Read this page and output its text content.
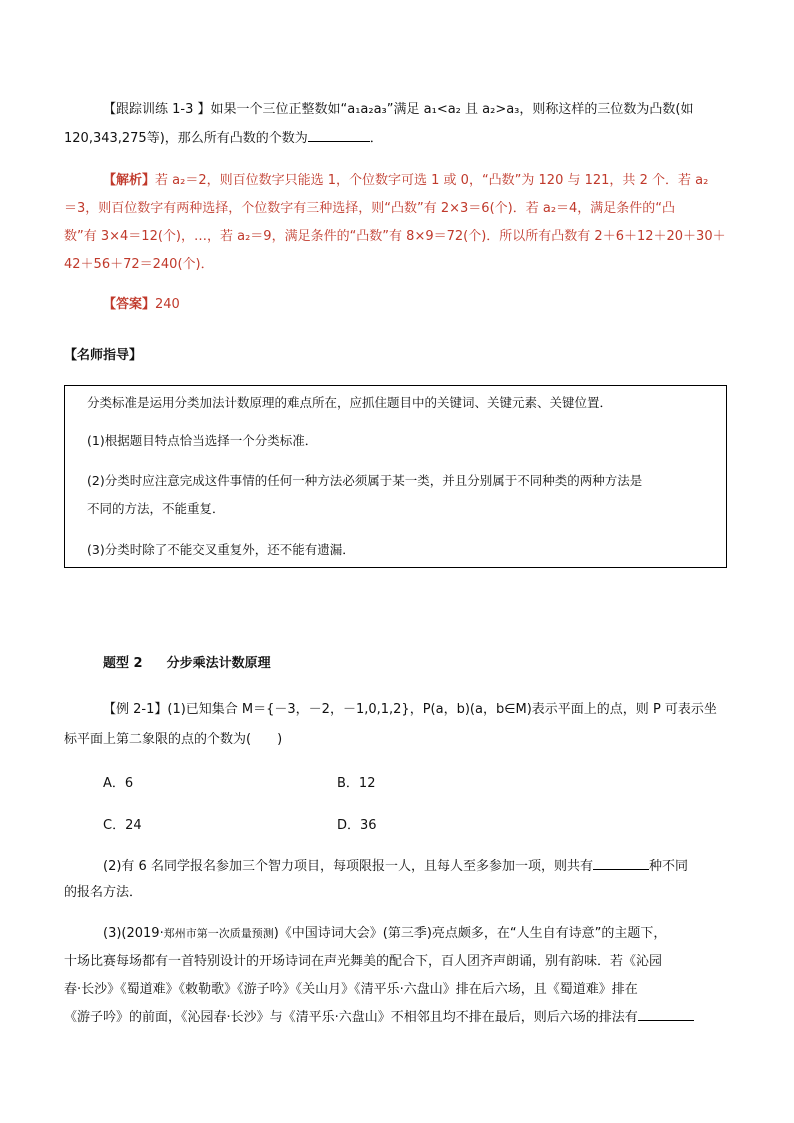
【跟踪训练 1-3 】如果一个三位正整数如“a₁a₂a₃”满足 a₁<a₂ 且 a₂>a₃，则称这样的三位数为凸数(如
120,343,275等)，那么所有凸数的个数为	．
【解析】若 a₂＝2，则百位数字只能选 1，个位数字可选 1 或 0，“凸数”为 120 与 121，共 2 个．若 a₂
＝3，则百位数字有两种选择，个位数字有三种选择，则“凸数”有 2×3＝6(个)．若 a₂＝4，满足条件的“凸
数”有 3×4＝12(个)，…，若 a₂＝9，满足条件的“凸数”有 8×9＝72(个)．所以所有凸数有 2＋6＋12＋20＋30＋
42＋56＋72＝240(个)．
【答案】240
【名师指导】

分类标准是运用分类加法计数原理的难点所在，应抓住题目中的关键词、关键元素、关键位置．

(1)根据题目特点恰当选择一个分类标准．

(2)分类时应注意完成这件事情的任何一种方法必须属于某一类，并且分别属于不同种类的两种方法是

不同的方法，不能重复．

(3)分类时除了不能交叉重复外，还不能有遗漏．

题型 2 分步乘法计数原理
【例 2-1】(1)已知集合 M＝{－3，－2，－1,0,1,2}，P(a，b)(a，b∈M)表示平面上的点，则 P 可表示坐
标平面上第二象限的点的个数为(　　)
A．6	B．12
C．24	D．36
(2)有 6 名同学报名参加三个智力项目，每项限报一人，且每人至多参加一项，则共有	种不同
的报名方法．
(3)(2019·郑州市第一次质量预测)《中国诗词大会》(第三季)亮点颇多，在“人生自有诗意”的主题下，
十场比赛每场都有一首特别设计的开场诗词在声光舞美的配合下，百人团齐声朗诵，别有韵味．若《沁园
春·长沙》《蜀道难》《敕勒歌》《游子吟》《关山月》《清平乐·六盘山》排在后六场，且《蜀道难》排在
《游子吟》的前面，《沁园春·长沙》与《清平乐·六盘山》不相邻且均不排在最后，则后六场的排法有
